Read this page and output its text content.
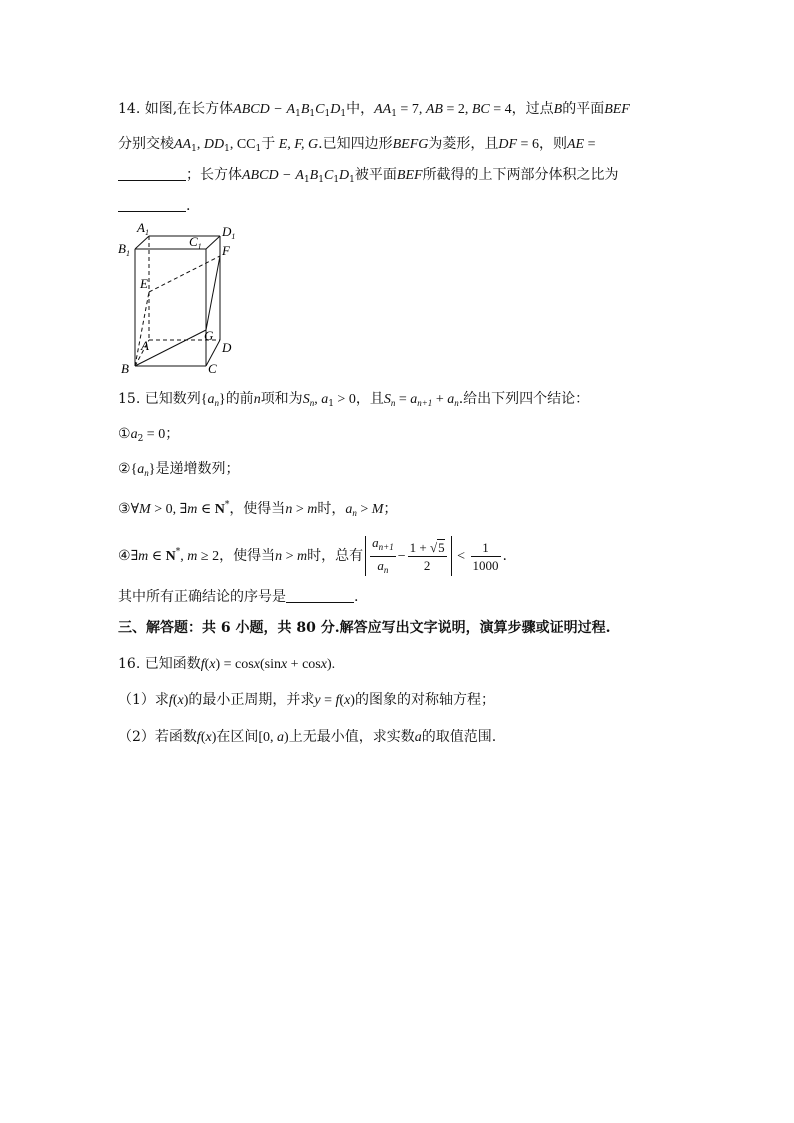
14. 如图,在长方体ABCD − $A_1B_1C_1D_1$中，$AA_1 = 7$, AB = 2, BC = 4，过点B的平面BEF
分别交棱$AA_1$, $DD_1$, $CC_1$于 E, F, G.已知四边形BEFG为菱形，且DF = 6，则AE =
；长方体ABCD − $A_1B_1C_1D_1$被平面BEF所截得的上下两部分体积之比为
.
$A_1$
$B_1$
$C_1$
$D_1$
E
F
G
A
B	C
D
15. 已知数列$\{a_n\}$的前n项和为$S_n$, $a_1 > 0$，且$S_n = a_{n+1} + a_n$.给出下列四个结论：
$①a_2 = 0$；
$②\{a_n\}$是递增数列；
③∀M > 0, ∃m ∈ N*，使得当n > m时，$a_n > M$；
④∃m ∈ N*, m ≥ 2，使得当n > m时，总有 $\frac{a_{n+1}}{a_n} - \frac{1 + √5}{2} < \frac{1}{1000}$ .
其中所有正确结论的序号是	.
三、解答题：共 6 小题，共 80 分.解答应写出文字说明，演算步骤或证明过程.
16. 已知函数f(x) = cosx(sinx + cosx).
（1）求f(x)的最小正周期，并求y = f(x)的图象的对称轴方程；
（2）若函数f(x)在区间[0, a)上无最小值，求实数a的取值范围.
